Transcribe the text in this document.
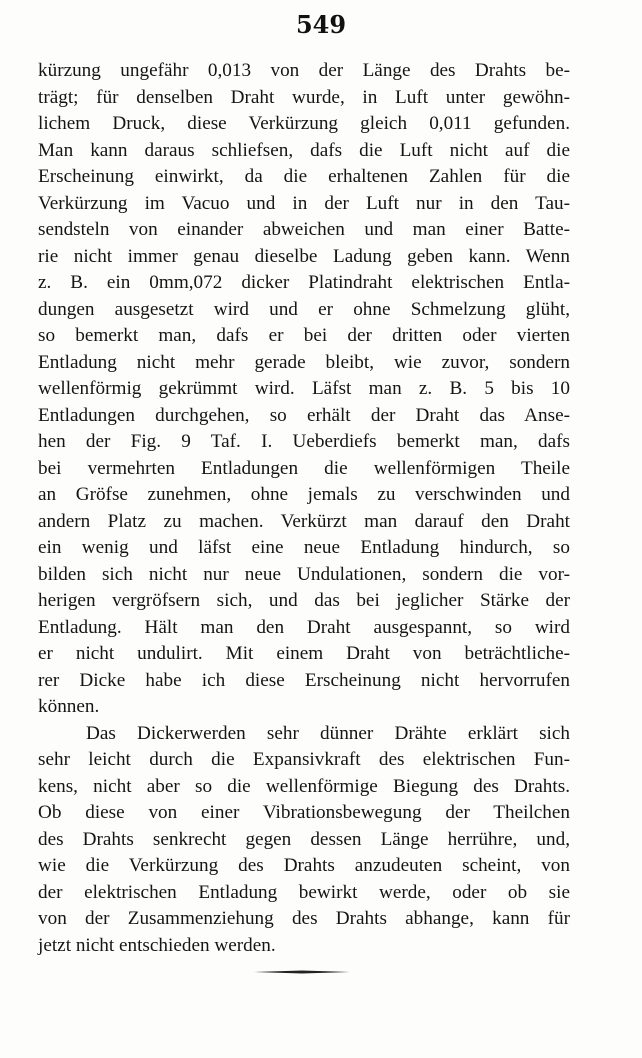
549
kürzung ungefähr 0,013 von der Länge des Drahts be-
trägt; für denselben Draht wurde, in Luft unter gewöhn-
lichem Druck, diese Verkürzung gleich 0,011 gefunden.
Man kann daraus schliefsen, dafs die Luft nicht auf die
Erscheinung einwirkt, da die erhaltenen Zahlen für die
Verkürzung im Vacuo und in der Luft nur in den Tau-
sendsteln von einander abweichen und man einer Batte-
rie nicht immer genau dieselbe Ladung geben kann. Wenn
z. B. ein 0mm,072 dicker Platindraht elektrischen Entla-
dungen ausgesetzt wird und er ohne Schmelzung glüht,
so bemerkt man, dafs er bei der dritten oder vierten
Entladung nicht mehr gerade bleibt, wie zuvor, sondern
wellenförmig gekrümmt wird. Läfst man z. B. 5 bis 10
Entladungen durchgehen, so erhält der Draht das Anse-
hen der Fig. 9 Taf. I. Ueberdiefs bemerkt man, dafs
bei vermehrten Entladungen die wellenförmigen Theile
an Gröfse zunehmen, ohne jemals zu verschwinden und
andern Platz zu machen. Verkürzt man darauf den Draht
ein wenig und läfst eine neue Entladung hindurch, so
bilden sich nicht nur neue Undulationen, sondern die vor-
herigen vergröfsern sich, und das bei jeglicher Stärke der
Entladung. Hält man den Draht ausgespannt, so wird
er nicht undulirt. Mit einem Draht von beträchtliche-
rer Dicke habe ich diese Erscheinung nicht hervorrufen
können.
Das Dickerwerden sehr dünner Drähte erklärt sich
sehr leicht durch die Expansivkraft des elektrischen Fun-
kens, nicht aber so die wellenförmige Biegung des Drahts.
Ob diese von einer Vibrationsbewegung der Theilchen
des Drahts senkrecht gegen dessen Länge herrühre, und,
wie die Verkürzung des Drahts anzudeuten scheint, von
der elektrischen Entladung bewirkt werde, oder ob sie
von der Zusammenziehung des Drahts abhange, kann für
jetzt nicht entschieden werden.
